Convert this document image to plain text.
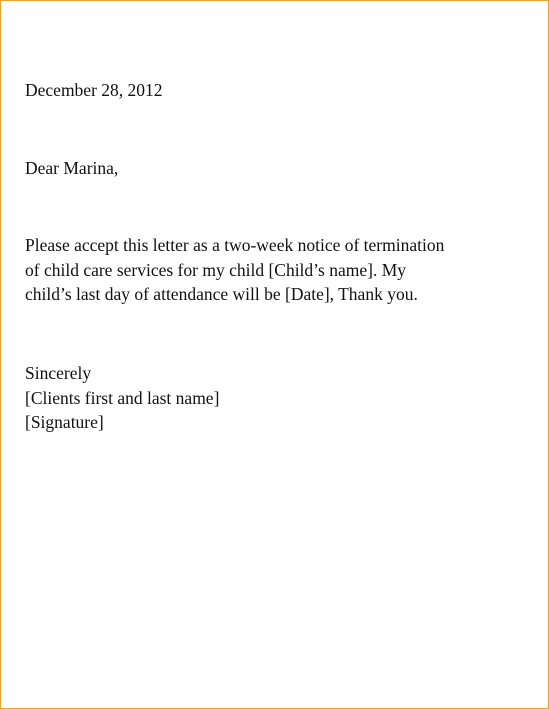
December 28, 2012
Dear Marina,
Please accept this letter as a two-week notice of termination
of child care services for my child [Child’s name]. My
child’s last day of attendance will be [Date], Thank you.
Sincerely
[Clients first and last name]
[Signature]
